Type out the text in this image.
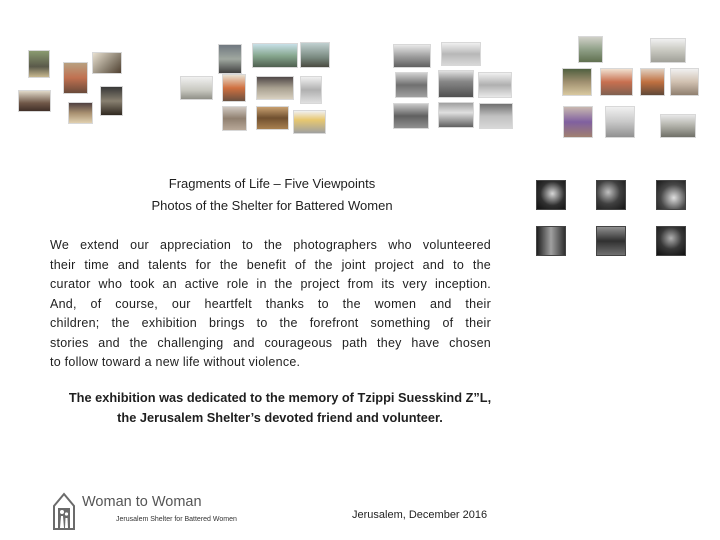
Fragments of Life – Five Viewpoints
Photos of the Shelter for Battered Women
We extend our appreciation to the photographers who volunteered
their time and talents for the benefit of the joint project and to the
curator who took an active role in the project from its very inception.
And, of course, our heartfelt thanks to the women and their
children; the exhibition brings to the forefront something of their
stories and the challenging and courageous path they have chosen
to follow toward a new life without violence.
The exhibition was dedicated to the memory of Tzippi Suesskind Z”L,
the Jerusalem Shelter’s devoted friend and volunteer.
Woman to Woman
Jerusalem Shelter for Battered Women	Jerusalem, December 2016
